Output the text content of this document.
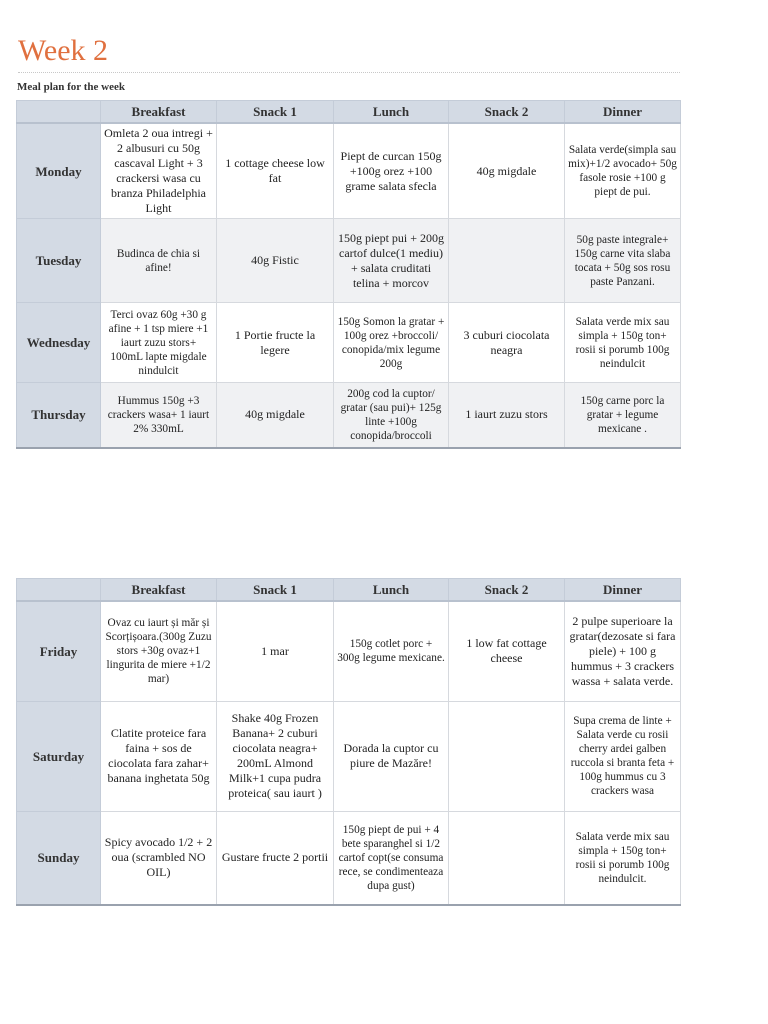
Week 2
Meal plan for the week
	Breakfast	Snack 1	Lunch	Snack 2	Dinner
Monday	Omleta 2 oua intregi + 2 albusuri cu 50g cascaval Light + 3 crackersi wasa cu branza Philadelphia Light	1 cottage cheese low fat	Piept de curcan 150g +100g orez +100 grame salata sfecla	40g migdale	Salata verde(simpla sau mix)+1/2 avocado+ 50g fasole rosie +100 g piept de pui.
Tuesday	Budinca de chia si afine!	40g Fistic	150g piept pui + 200g cartof dulce(1 mediu) + salata cruditati telina + morcov		50g paste integrale+ 150g carne vita slaba tocata + 50g sos rosu paste Panzani.
Wednesday	Terci ovaz 60g +30 g afine + 1 tsp miere +1 iaurt zuzu stors+ 100mL lapte migdale nindulcit	1 Portie fructe la legere	150g Somon la gratar + 100g orez +broccoli/ conopida/mix legume 200g	3 cuburi ciocolata neagra	Salata verde mix sau simpla + 150g ton+ rosii si porumb 100g neindulcit
Thursday	Hummus 150g +3 crackers wasa+ 1 iaurt 2% 330mL	40g migdale	200g cod la cuptor/ gratar (sau pui)+ 125g linte +100g conopida/broccoli	1 iaurt zuzu stors	150g carne porc la gratar + legume mexicane .
	Breakfast	Snack 1	Lunch	Snack 2	Dinner
Friday	Ovaz cu iaurt și măr și Scorțișoara.(300g Zuzu stors +30g ovaz+1 lingurita de miere +1/2 mar)	1 mar	150g cotlet porc + 300g legume mexicane.	1 low fat cottage cheese	2 pulpe superioare la gratar(dezosate si fara piele) + 100 g hummus + 3 crackers wassa + salata verde.
Saturday	Clatite proteice fara faina + sos de ciocolata fara zahar+ banana inghetata 50g	Shake 40g Frozen Banana+ 2 cuburi ciocolata neagra+ 200mL Almond Milk+1 cupa pudra proteica( sau iaurt )	Dorada la cuptor cu piure de Mazăre!		Supa crema de linte + Salata verde cu rosii cherry ardei galben ruccola si branta feta + 100g hummus cu 3 crackers wasa
Sunday	Spicy avocado 1/2 + 2 oua (scrambled NO OIL)	Gustare fructe 2 portii	150g piept de pui + 4 bete sparanghel si 1/2 cartof copt(se consuma rece, se condimenteaza dupa gust)		Salata verde mix sau simpla + 150g ton+ rosii si porumb 100g neindulcit.
